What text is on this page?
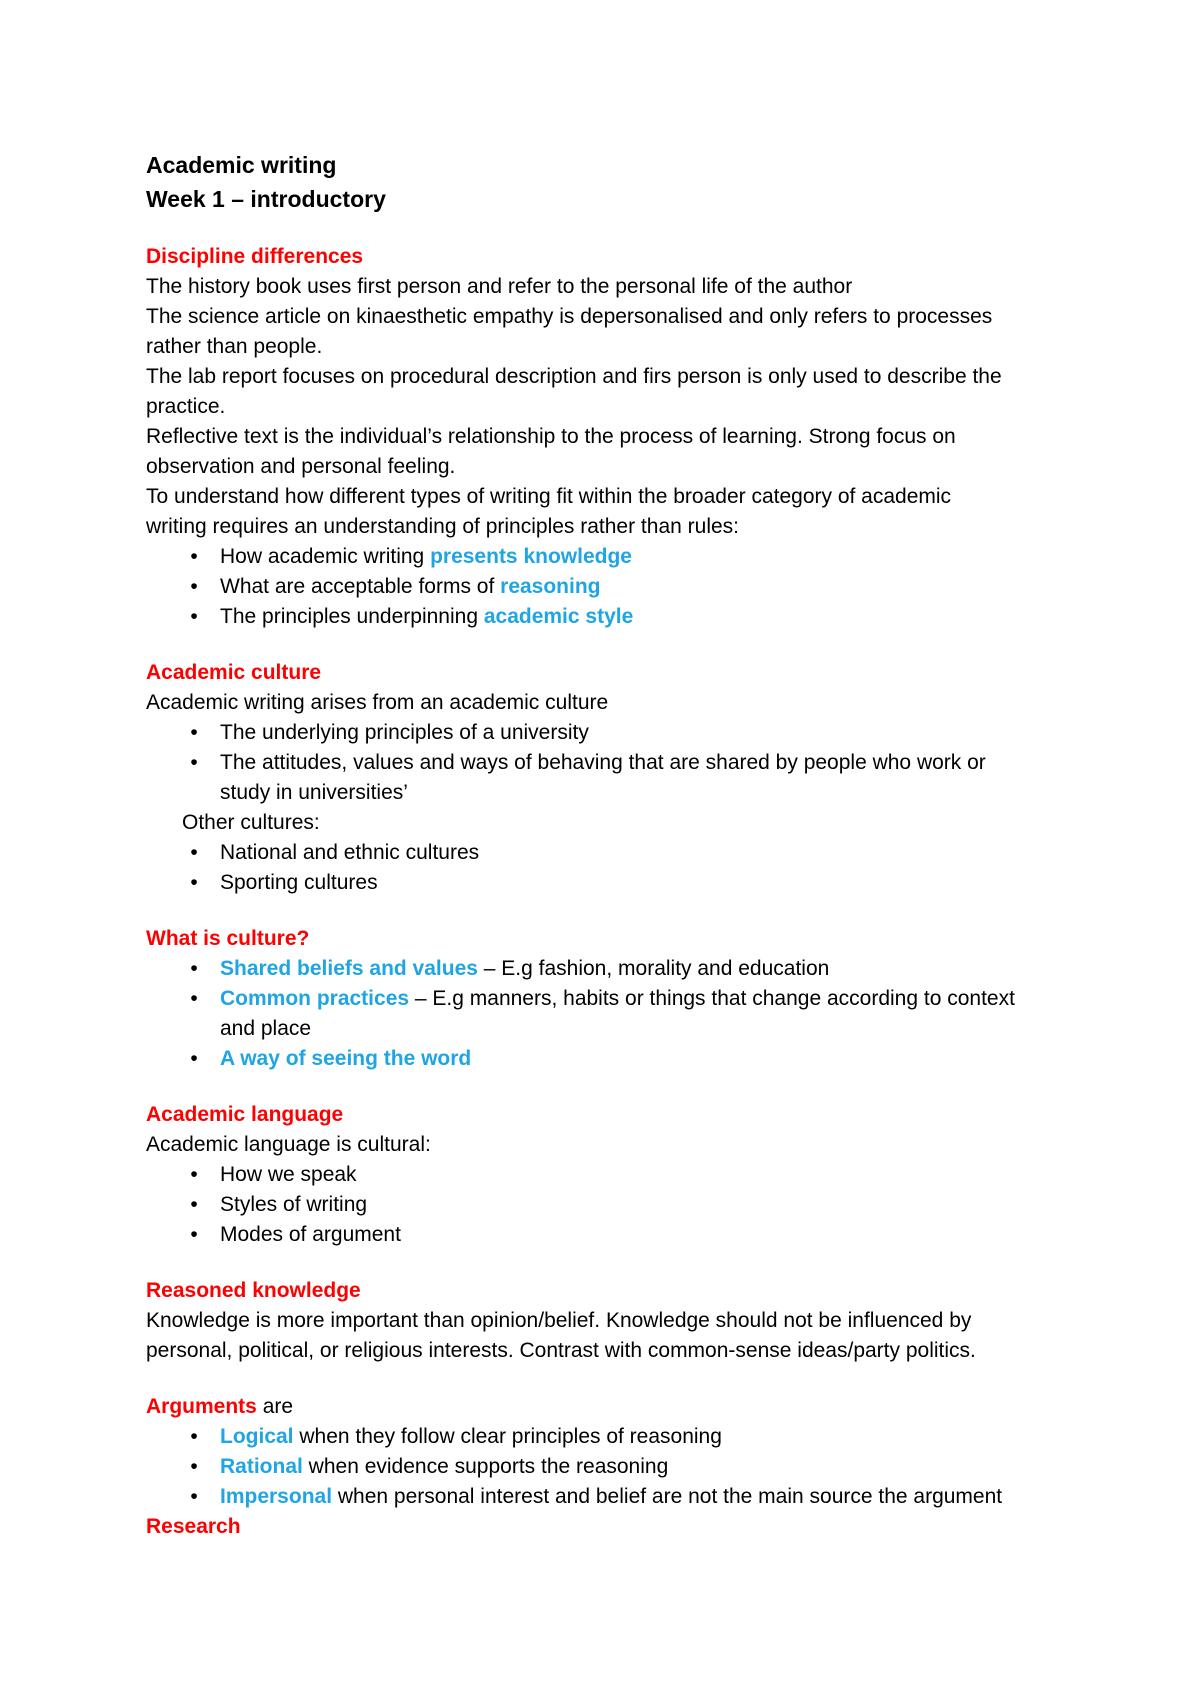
Academic writing

Week 1 – introductory

Discipline differences

The history book uses first person and refer to the personal life of the author

The science article on kinaesthetic empathy is depersonalised and only refers to processes

rather than people.

The lab report focuses on procedural description and firs person is only used to describe the

practice.

Reflective text is the individual’s relationship to the process of learning. Strong focus on

observation and personal feeling.

To understand how different types of writing fit within the broader category of academic

writing requires an understanding of principles rather than rules:

•	How academic writing presents knowledge
•	What are acceptable forms of reasoning
•	The principles underpinning academic style

Academic culture

Academic writing arises from an academic culture

•	The underlying principles of a university
•	The attitudes, values and ways of behaving that are shared by people who work or
study in universities’

Other cultures:

•	National and ethnic cultures
•	Sporting cultures

What is culture?

•	Shared beliefs and values – E.g fashion, morality and education
•	Common practices – E.g manners, habits or things that change according to context
and place
•	A way of seeing the word

Academic language

Academic language is cultural:

•	How we speak
•	Styles of writing
•	Modes of argument

Reasoned knowledge

Knowledge is more important than opinion/belief. Knowledge should not be influenced by

personal, political, or religious interests. Contrast with common-sense ideas/party politics.

Arguments are

•	Logical when they follow clear principles of reasoning
•	Rational when evidence supports the reasoning
•	Impersonal when personal interest and belief are not the main source the argument

Research
